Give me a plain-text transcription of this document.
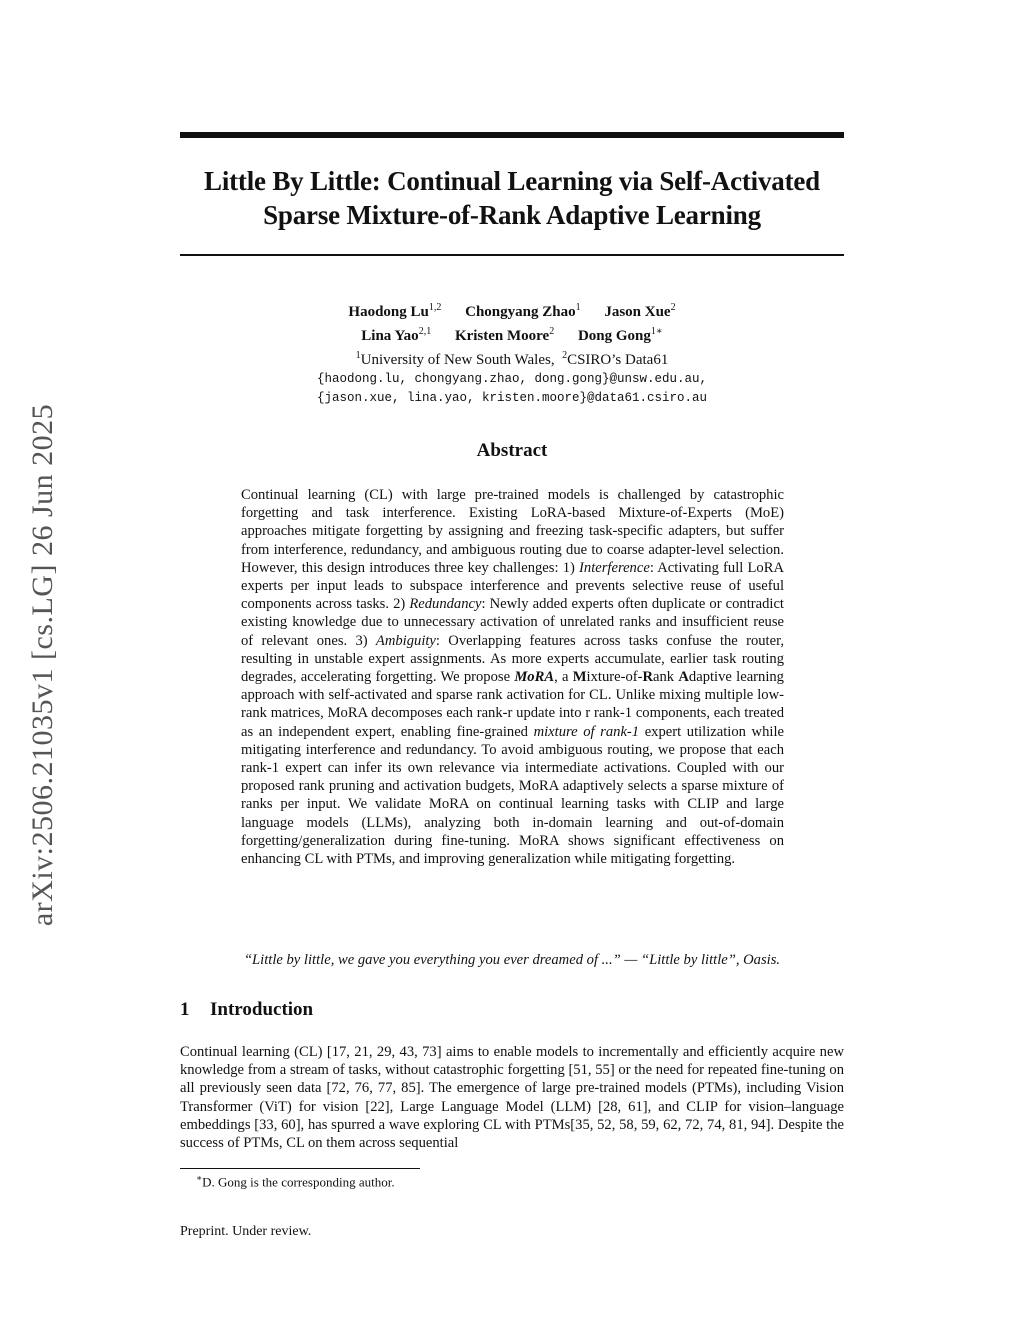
arXiv:2506.21035v1 [cs.LG] 26 Jun 2025
Little By Little: Continual Learning via Self-Activated
Sparse Mixture-of-Rank Adaptive Learning
Haodong Lu$^{1,2}$ Chongyang Zhao$^1$ Jason Xue$^2$
Lina Yao$^{2,1}$ Kristen Moore$^2$ Dong Gong$^{1∗}$
$^1$University of New South Wales, $^2$CSIRO’s Data61
{haodong.lu, chongyang.zhao, dong.gong}@unsw.edu.au,
{jason.xue, lina.yao, kristen.moore}@data61.csiro.au
Abstract

Continual learning (CL) with large pre-trained models is challenged by catastrophic forgetting and task interference. Existing LoRA-based Mixture-of-Experts (MoE) approaches mitigate forgetting by assigning and freezing task-specific adapters, but suffer from interference, redundancy, and ambiguous routing due to coarse adapter-level selection. However, this design introduces three key challenges: 1) Interference: Activating full LoRA experts per input leads to subspace interference and prevents selective reuse of useful components across tasks. 2) Redundancy: Newly added experts often duplicate or contradict existing knowledge due to unnecessary activation of unrelated ranks and insufficient reuse of relevant ones. 3) Ambiguity: Overlapping features across tasks confuse the router, resulting in unstable expert assignments. As more experts accumulate, earlier task routing degrades, accelerating forgetting. We propose MoRA, a Mixture-of-Rank Adaptive learning approach with self-activated and sparse rank activation for CL. Unlike mixing multiple low-rank matrices, MoRA decomposes each rank-r update into r rank-1 components, each treated as an independent expert, enabling fine-grained mixture of rank-1 expert utilization while mitigating interference and redundancy. To avoid ambiguous routing, we propose that each rank-1 expert can infer its own relevance via intermediate activations. Coupled with our proposed rank pruning and activation budgets, MoRA adaptively selects a sparse mixture of ranks per input. We validate MoRA on continual learning tasks with CLIP and large language models (LLMs), analyzing both in-domain learning and out-of-domain forgetting/generalization during fine-tuning. MoRA shows significant effectiveness on enhancing CL with PTMs, and improving generalization while mitigating forgetting.

“Little by little, we gave you everything you ever dreamed of ...” — “Little by little”, Oasis.
1 Introduction

Continual learning (CL) [17, 21, 29, 43, 73] aims to enable models to incrementally and efficiently acquire new knowledge from a stream of tasks, without catastrophic forgetting [51, 55] or the need for repeated fine-tuning on all previously seen data [72, 76, 77, 85]. The emergence of large pre-trained models (PTMs), including Vision Transformer (ViT) for vision [22], Large Language Model (LLM) [28, 61], and CLIP for vision–language embeddings [33, 60], has spurred a wave exploring CL with PTMs[35, 52, 58, 59, 62, 72, 74, 81, 94]. Despite the success of PTMs, CL on them across sequential

∗D. Gong is the corresponding author.
Preprint. Under review.
